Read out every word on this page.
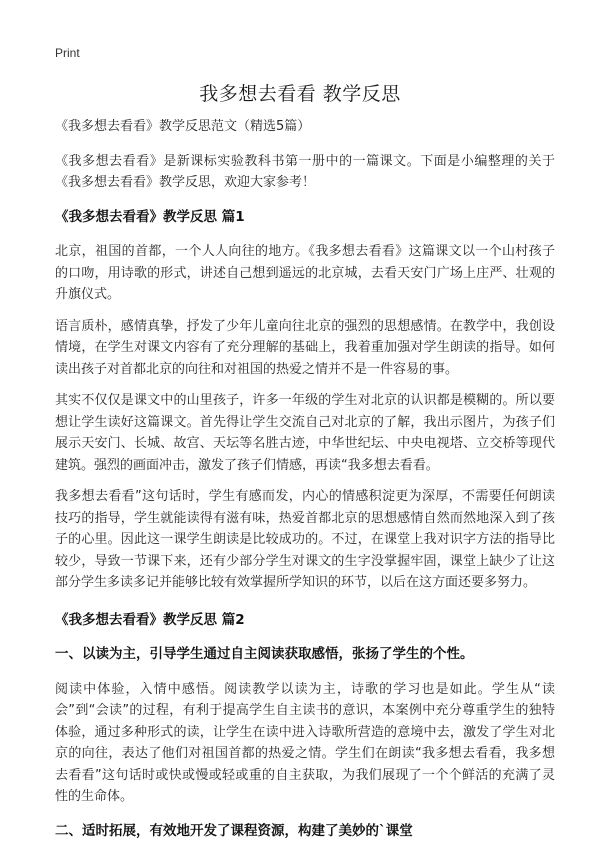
Print
我多想去看看 教学反思

《我多想去看看》教学反思范文（精选5篇）

《我多想去看看》是新课标实验教科书第一册中的一篇课文。下面是小编整理的关于《我多想去看看》教学反思，欢迎大家参考！

《我多想去看看》教学反思 篇1

北京，祖国的首都，一个人人向往的地方。《我多想去看看》这篇课文以一个山村孩子的口吻，用诗歌的形式，讲述自己想到遥远的北京城，去看天安门广场上庄严、壮观的升旗仪式。

语言质朴，感情真挚，抒发了少年儿童向往北京的强烈的思想感情。在教学中，我创设情境，在学生对课文内容有了充分理解的基础上，我着重加强对学生朗读的指导。如何读出孩子对首都北京的向往和对祖国的热爱之情并不是一件容易的事。

其实不仅仅是课文中的山里孩子，许多一年级的学生对北京的认识都是模糊的。所以要想让学生读好这篇课文。首先得让学生交流自己对北京的了解，我出示图片，为孩子们展示天安门、长城、故宫、天坛等名胜古迹，中华世纪坛、中央电视塔、立交桥等现代建筑。强烈的画面冲击，激发了孩子们情感，再读“我多想去看看。

我多想去看看”这句话时，学生有感而发，内心的情感积淀更为深厚，不需要任何朗读技巧的指导，学生就能读得有滋有味，热爱首都北京的思想感情自然而然地深入到了孩子的心里。因此这一课学生朗读是比较成功的。不过，在课堂上我对识字方法的指导比较少，导致一节课下来，还有少部分学生对课文的生字没掌握牢固，课堂上缺少了让这部分学生多读多记并能够比较有效掌握所学知识的环节，以后在这方面还要多努力。

《我多想去看看》教学反思 篇2

一、以读为主，引导学生通过自主阅读获取感悟，张扬了学生的个性。

阅读中体验，入情中感悟。阅读教学以读为主，诗歌的学习也是如此。学生从“读会”到“会读”的过程，有利于提高学生自主读书的意识，本案例中充分尊重学生的独特体验，通过多种形式的读，让学生在读中进入诗歌所营造的意境中去，激发了学生对北京的向往，表达了他们对祖国首都的热爱之情。学生们在朗读“我多想去看看，我多想去看看”这句话时或快或慢或轻或重的自主获取，为我们展现了一个个鲜活的充满了灵性的生命体。

二、适时拓展，有效地开发了课程资源，构建了美妙的`课堂
